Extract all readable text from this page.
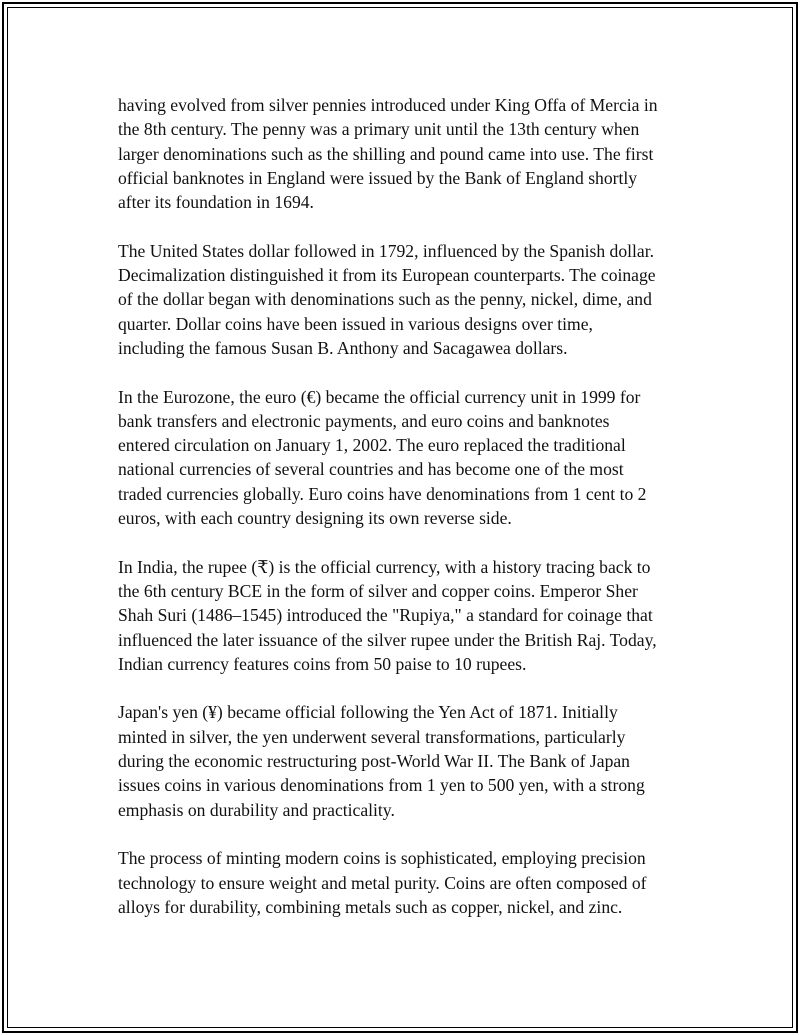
having evolved from silver pennies introduced under King Offa of Mercia in
the 8th century. The penny was a primary unit until the 13th century when
larger denominations such as the shilling and pound came into use. The first
official banknotes in England were issued by the Bank of England shortly
after its foundation in 1694.

The United States dollar followed in 1792, influenced by the Spanish dollar.
Decimalization distinguished it from its European counterparts. The coinage
of the dollar began with denominations such as the penny, nickel, dime, and
quarter. Dollar coins have been issued in various designs over time,
including the famous Susan B. Anthony and Sacagawea dollars.

In the Eurozone, the euro (€) became the official currency unit in 1999 for
bank transfers and electronic payments, and euro coins and banknotes
entered circulation on January 1, 2002. The euro replaced the traditional
national currencies of several countries and has become one of the most
traded currencies globally. Euro coins have denominations from 1 cent to 2
euros, with each country designing its own reverse side.

In India, the rupee (₹) is the official currency, with a history tracing back to
the 6th century BCE in the form of silver and copper coins. Emperor Sher
Shah Suri (1486–1545) introduced the "Rupiya," a standard for coinage that
influenced the later issuance of the silver rupee under the British Raj. Today,
Indian currency features coins from 50 paise to 10 rupees.

Japan's yen (¥) became official following the Yen Act of 1871. Initially
minted in silver, the yen underwent several transformations, particularly
during the economic restructuring post-World War II. The Bank of Japan
issues coins in various denominations from 1 yen to 500 yen, with a strong
emphasis on durability and practicality.

The process of minting modern coins is sophisticated, employing precision
technology to ensure weight and metal purity. Coins are often composed of
alloys for durability, combining metals such as copper, nickel, and zinc.
